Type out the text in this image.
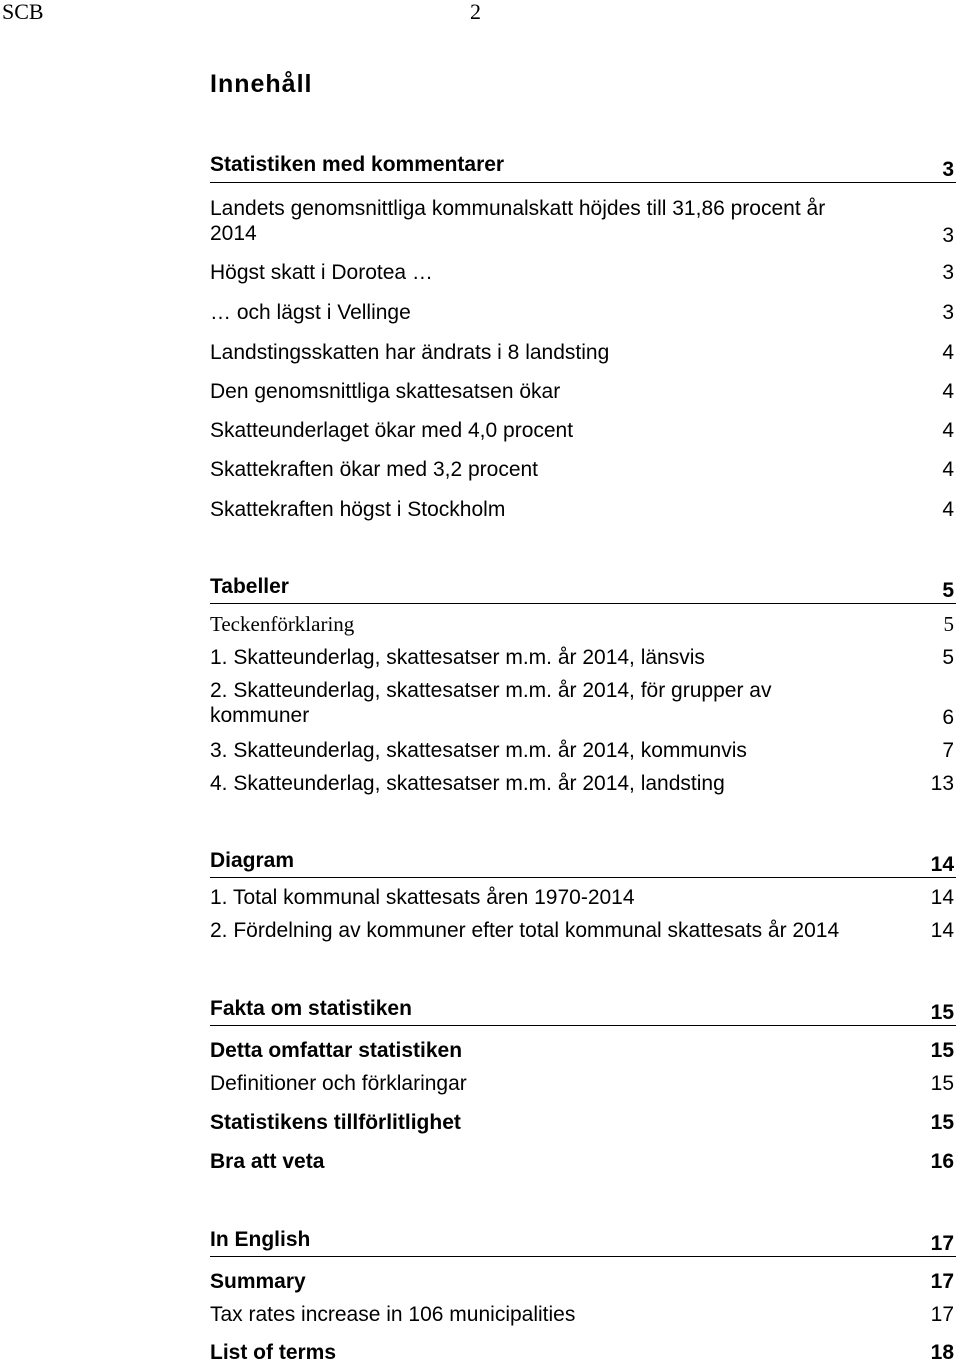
SCB	2
Innehåll
Statistiken med kommentarer	3
Landets genomsnittliga kommunalskatt höjdes till 31,86 procent år 2014	3
Högst skatt i Dorotea …	3
… och lägst i Vellinge	3
Landstingsskatten har ändrats i 8 landsting	4
Den genomsnittliga skattesatsen ökar	4
Skatteunderlaget ökar med 4,0 procent	4
Skattekraften ökar med 3,2 procent	4
Skattekraften högst i Stockholm	4
Tabeller	5
Teckenförklaring	5
1. Skatteunderlag, skattesatser m.m. år 2014, länsvis	5
2. Skatteunderlag, skattesatser m.m. år 2014, för grupper av kommuner	6
3. Skatteunderlag, skattesatser m.m. år 2014, kommunvis	7
4. Skatteunderlag, skattesatser m.m. år 2014, landsting	13
Diagram	14
1. Total kommunal skattesats åren 1970-2014	14
2. Fördelning av kommuner efter total kommunal skattesats år 2014	14
Fakta om statistiken	15
Detta omfattar statistiken	15
Definitioner och förklaringar	15
Statistikens tillförlitlighet	15
Bra att veta	16
In English	17
Summary	17
Tax rates increase in 106 municipalities	17
List of terms	18
